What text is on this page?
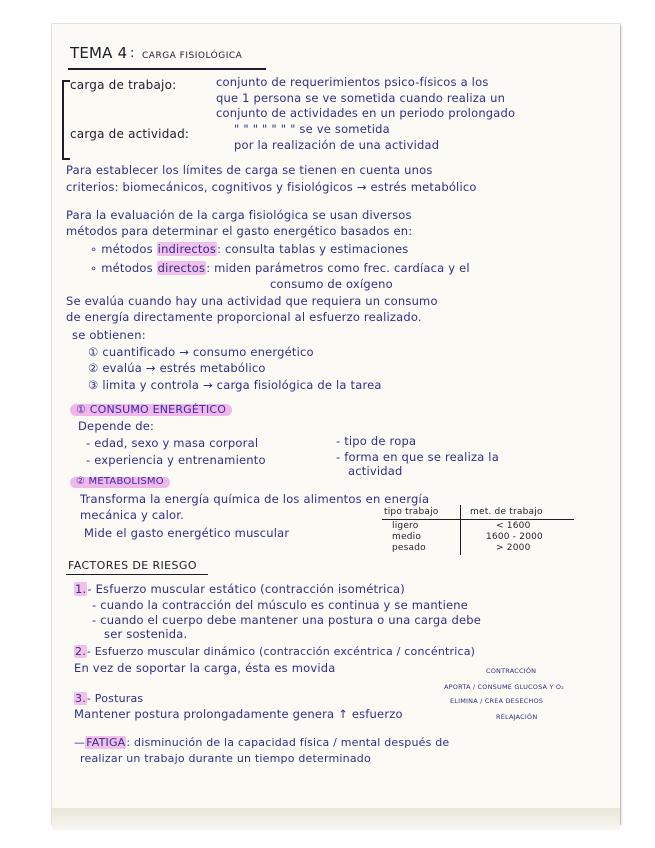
TEMA 4 : CARGA FISIOLÓGICA
carga de trabajo:	conjunto de requerimientos psico-físicos a los
que 1 persona se ve sometida cuando realiza un
conjunto de actividades en un periodo prolongado
carga de actividad:	" " " " " " " se ve sometida
por la realización de una actividad
Para establecer los límites de carga se tienen en cuenta unos
criterios: biomecánicos, cognitivos y fisiológicos → estrés metabólico
Para la evaluación de la carga fisiológica se usan diversos
métodos para determinar el gasto energético basados en:
∘ métodos indirectos: consulta tablas y estimaciones
∘ métodos directos: miden parámetros como frec. cardíaca y el
consumo de oxígeno
Se evalúa cuando hay una actividad que requiera un consumo
de energía directamente proporcional al esfuerzo realizado.
se obtienen:
① cuantificado → consumo energético
② evalúa → estrés metabólico
③ limita y controla → carga fisiológica de la tarea
① CONSUMO ENERGÉTICO
Depende de:
- edad, sexo y masa corporal	- tipo de ropa
- experiencia y entrenamiento	- forma en que se realiza la
actividad
② METABOLISMO
Transforma la energía química de los alimentos en energía
mecánica y calor.
Mide el gasto energético muscular
tipo trabajo	met. de trabajo
ligero	< 1600
medio	1600 - 2000
pesado	> 2000
FACTORES DE RIESGO
1.- Esfuerzo muscular estático (contracción isométrica)
- cuando la contracción del músculo es continua y se mantiene
- cuando el cuerpo debe mantener una postura o una carga debe
ser sostenida.
2.- Esfuerzo muscular dinámico (contracción excéntrica / concéntrica)
En vez de soportar la carga, ésta es movida	CONTRACCIÓN
APORTA / CONSUME GLUCOSA Y O₂
ELIMINA / CREA DESECHOS
RELAJACIÓN
3.- Posturas
Mantener postura prolongadamente genera ↑ esfuerzo
—FATIGA: disminución de la capacidad física / mental después de
realizar un trabajo durante un tiempo determinado
